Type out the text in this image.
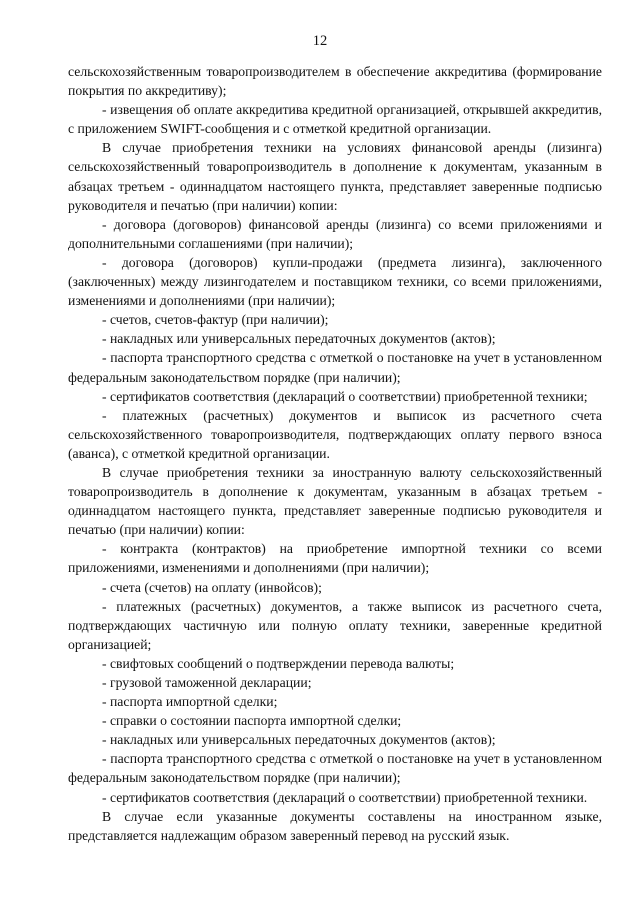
12

сельскохозяйственным товаропроизводителем в обеспечение аккредитива (формирование покрытия по аккредитиву);

- извещения об оплате аккредитива кредитной организацией, открывшей аккредитив, с приложением SWIFT-сообщения и с отметкой кредитной организации.

В случае приобретения техники на условиях финансовой аренды (лизинга) сельскохозяйственный товаропроизводитель в дополнение к документам, указанным в абзацах третьем - одиннадцатом настоящего пункта, представляет заверенные подписью руководителя и печатью (при наличии) копии:

- договора (договоров) финансовой аренды (лизинга) со всеми приложениями и дополнительными соглашениями (при наличии);

- договора (договоров) купли-продажи (предмета лизинга), заключенного (заключенных) между лизингодателем и поставщиком техники, со всеми приложениями, изменениями и дополнениями (при наличии);

- счетов, счетов-фактур (при наличии);

- накладных или универсальных передаточных документов (актов);

- паспорта транспортного средства с отметкой о постановке на учет в установленном федеральным законодательством порядке (при наличии);

- сертификатов соответствия (деклараций о соответствии) приобретенной техники;

- платежных (расчетных) документов и выписок из расчетного счета сельскохозяйственного товаропроизводителя, подтверждающих оплату первого взноса (аванса), с отметкой кредитной организации.

В случае приобретения техники за иностранную валюту сельскохозяйственный товаропроизводитель в дополнение к документам, указанным в абзацах третьем - одиннадцатом настоящего пункта, представляет заверенные подписью руководителя и печатью (при наличии) копии:

- контракта (контрактов) на приобретение импортной техники со всеми приложениями, изменениями и дополнениями (при наличии);

- счета (счетов) на оплату (инвойсов);

- платежных (расчетных) документов, а также выписок из расчетного счета, подтверждающих частичную или полную оплату техники, заверенные кредитной организацией;

- свифтовых сообщений о подтверждении перевода валюты;

- грузовой таможенной декларации;

- паспорта импортной сделки;

- справки о состоянии паспорта импортной сделки;

- накладных или универсальных передаточных документов (актов);

- паспорта транспортного средства с отметкой о постановке на учет в установленном федеральным законодательством порядке (при наличии);

- сертификатов соответствия (деклараций о соответствии) приобретенной техники.

В случае если указанные документы составлены на иностранном языке, представляется надлежащим образом заверенный перевод на русский язык.
